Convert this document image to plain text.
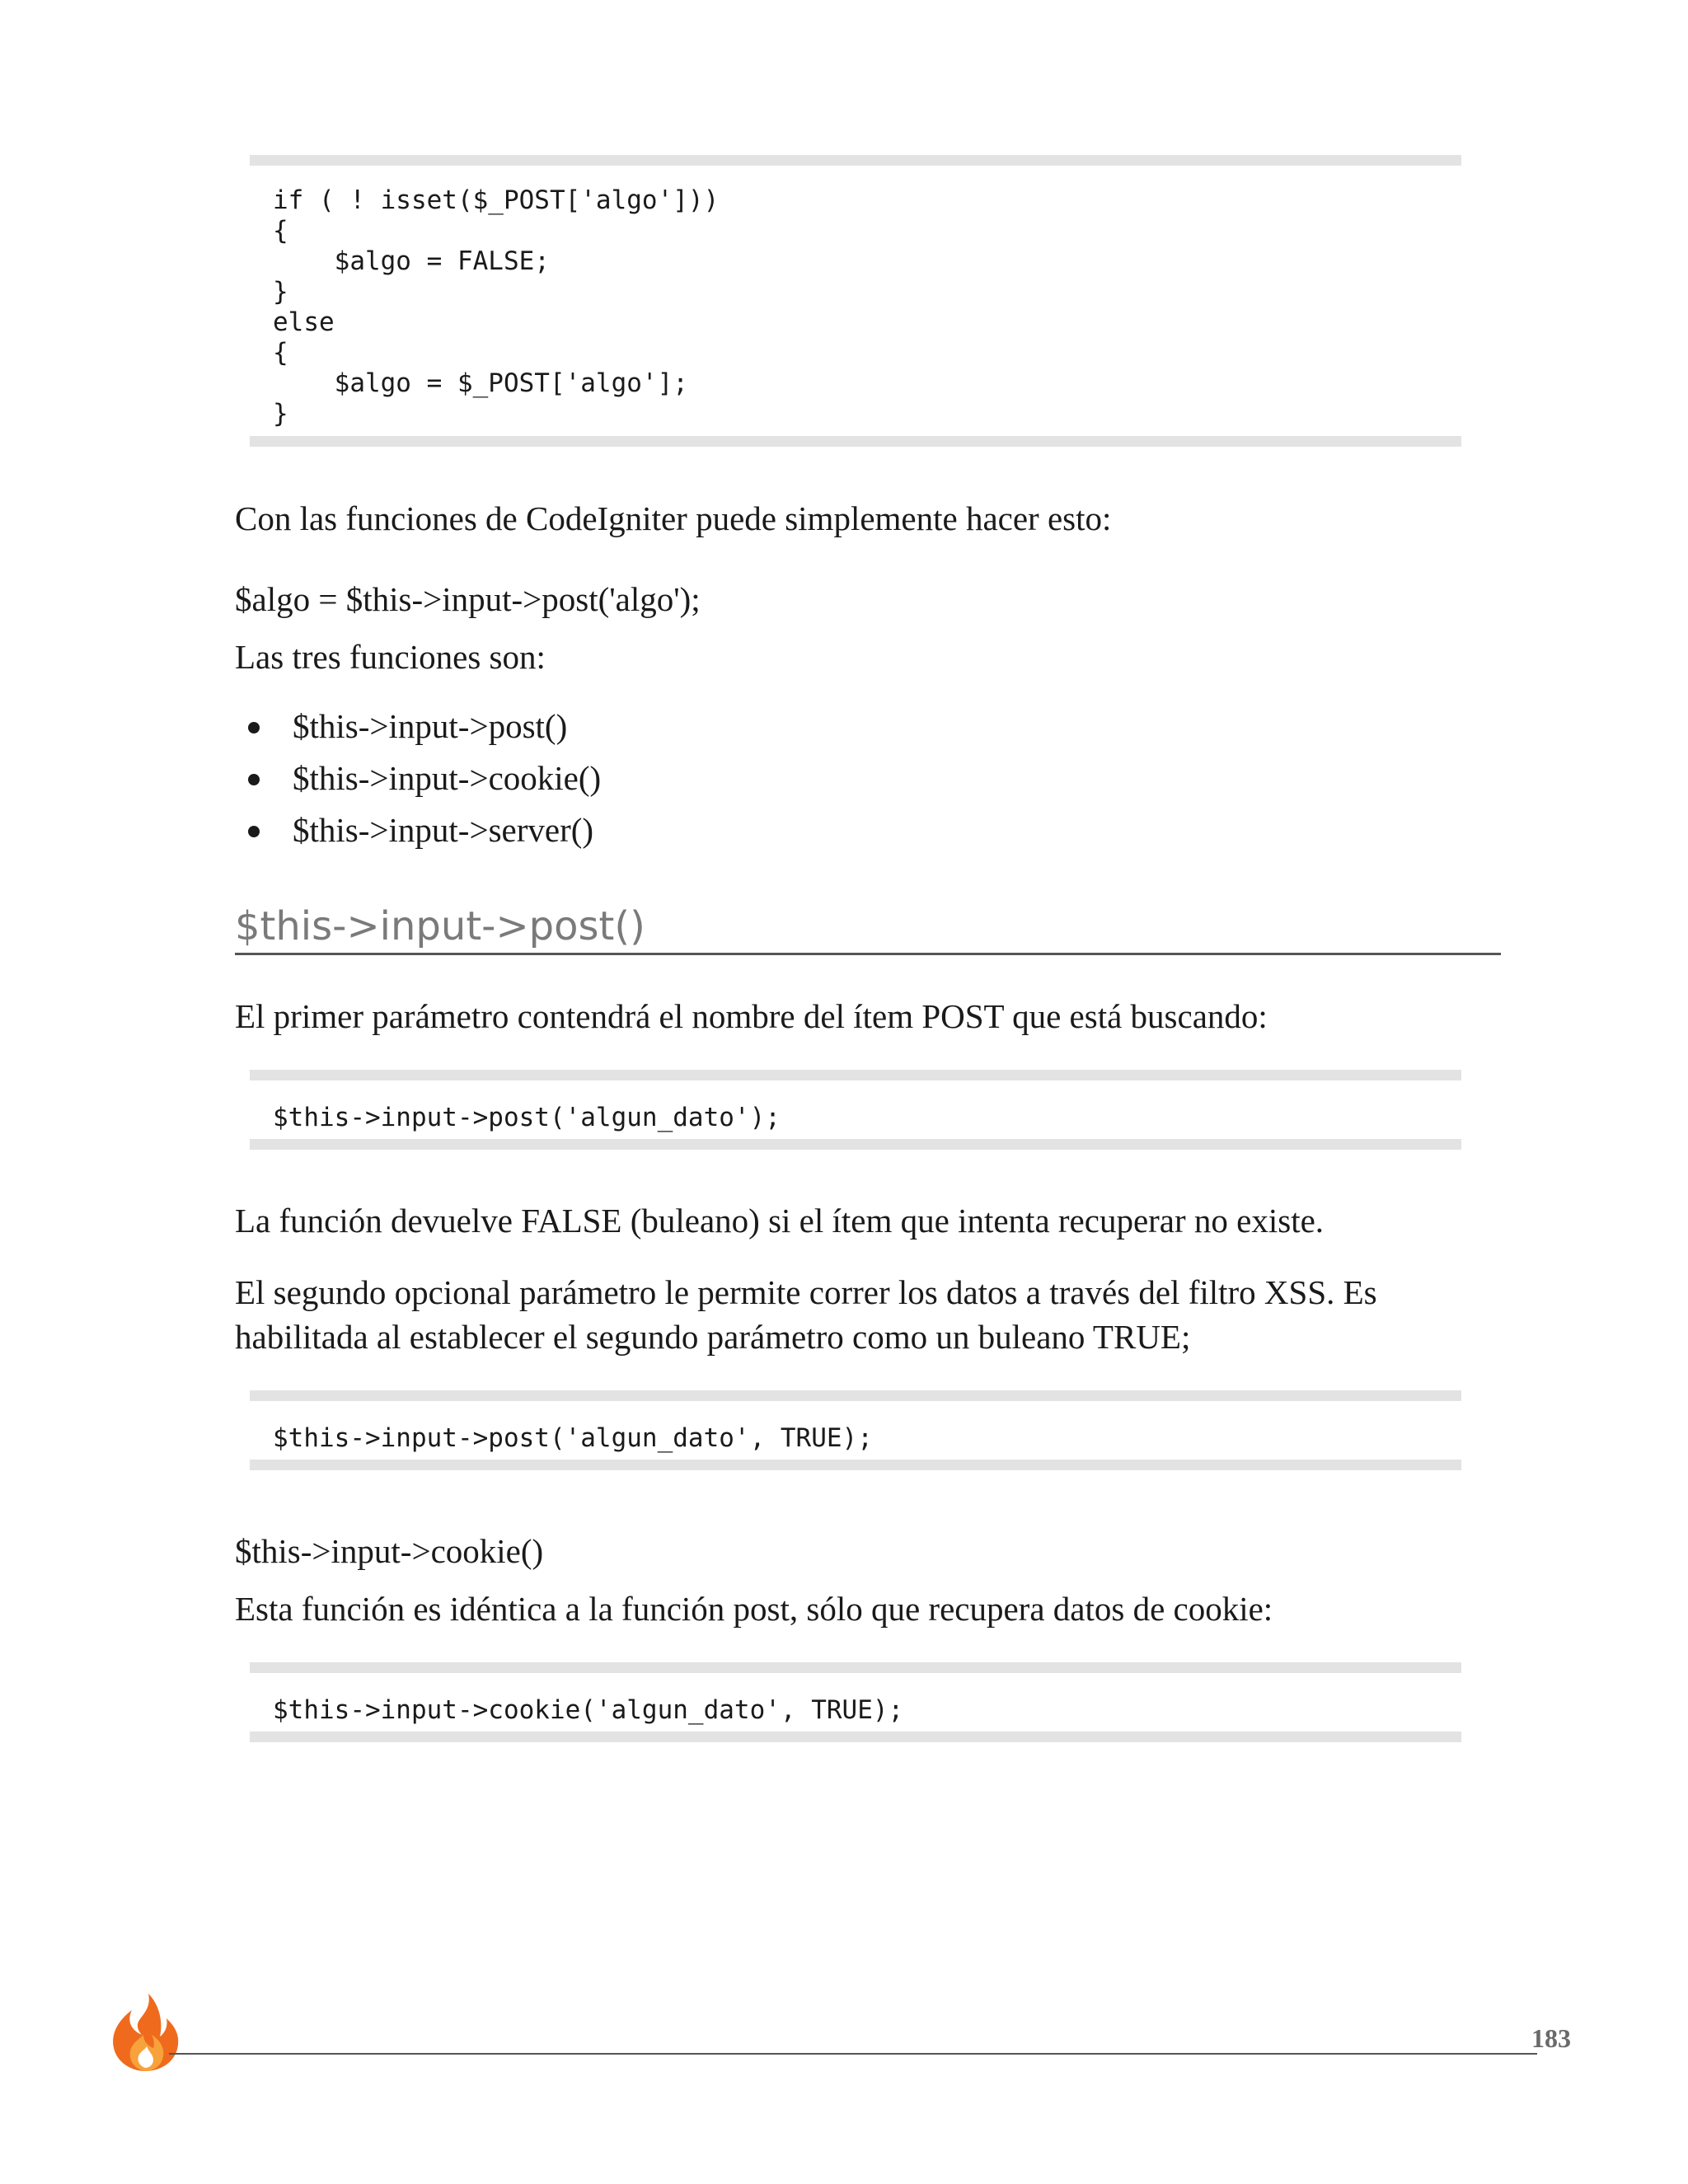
if ( ! isset($_POST['algo']))
{
$algo = FALSE;
}
else
{
$algo = $_POST['algo'];
}

Con las funciones de CodeIgniter puede simplemente hacer esto:

$algo = $this->input->post('algo');

Las tres funciones son:

$this->input->post()
$this->input->cookie()
$this->input->server()
$this->input->post()

El primer parámetro contendrá el nombre del ítem POST que está buscando:

$this->input->post('algun_dato');

La función devuelve FALSE (buleano) si el ítem que intenta recuperar no existe.

El segundo opcional parámetro le permite correr los datos a través del filtro XSS. Es habilitada al establecer el segundo parámetro como un buleano TRUE;

$this->input->post('algun_dato', TRUE);

$this->input->cookie()

Esta función es idéntica a la función post, sólo que recupera datos de cookie:

$this->input->cookie('algun_dato', TRUE);
183
